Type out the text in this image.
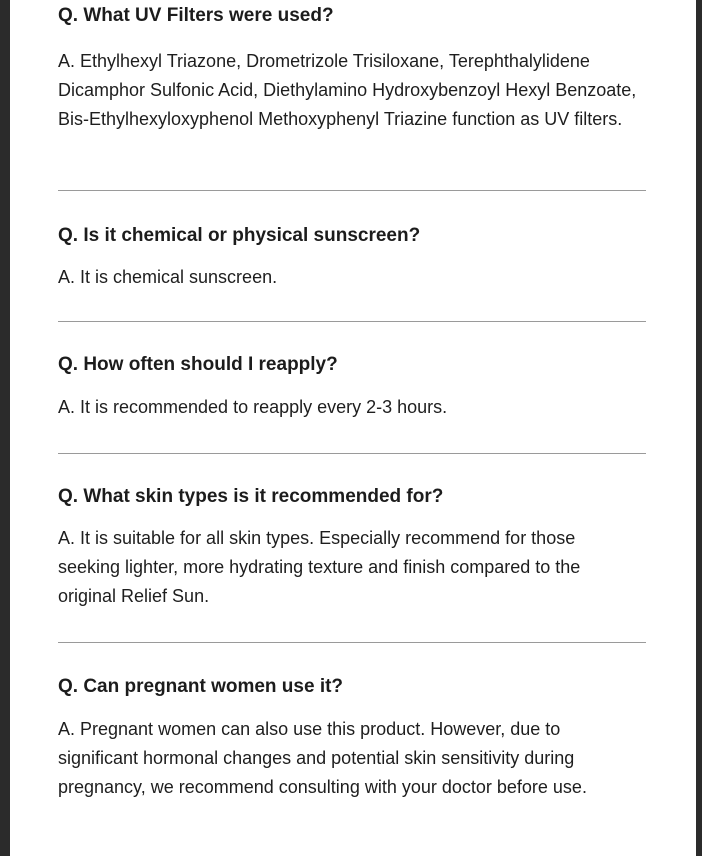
Q. What UV Filters were used?

A. Ethylhexyl Triazone, Drometrizole Trisiloxane, Terephthalylidene Dicamphor Sulfonic Acid, Diethylamino Hydroxybenzoyl Hexyl Benzoate, Bis-Ethylhexyloxyphenol Methoxyphenyl Triazine function as UV filters.

Q. Is it chemical or physical sunscreen?

A. It is chemical sunscreen.

Q. How often should I reapply?

A. It is recommended to reapply every 2-3 hours.

Q. What skin types is it recommended for?

A. It is suitable for all skin types. Especially recommend for those seeking lighter, more hydrating texture and finish compared to the original Relief Sun.

Q. Can pregnant women use it?

A. Pregnant women can also use this product. However, due to significant hormonal changes and potential skin sensitivity during pregnancy, we recommend consulting with your doctor before use.
